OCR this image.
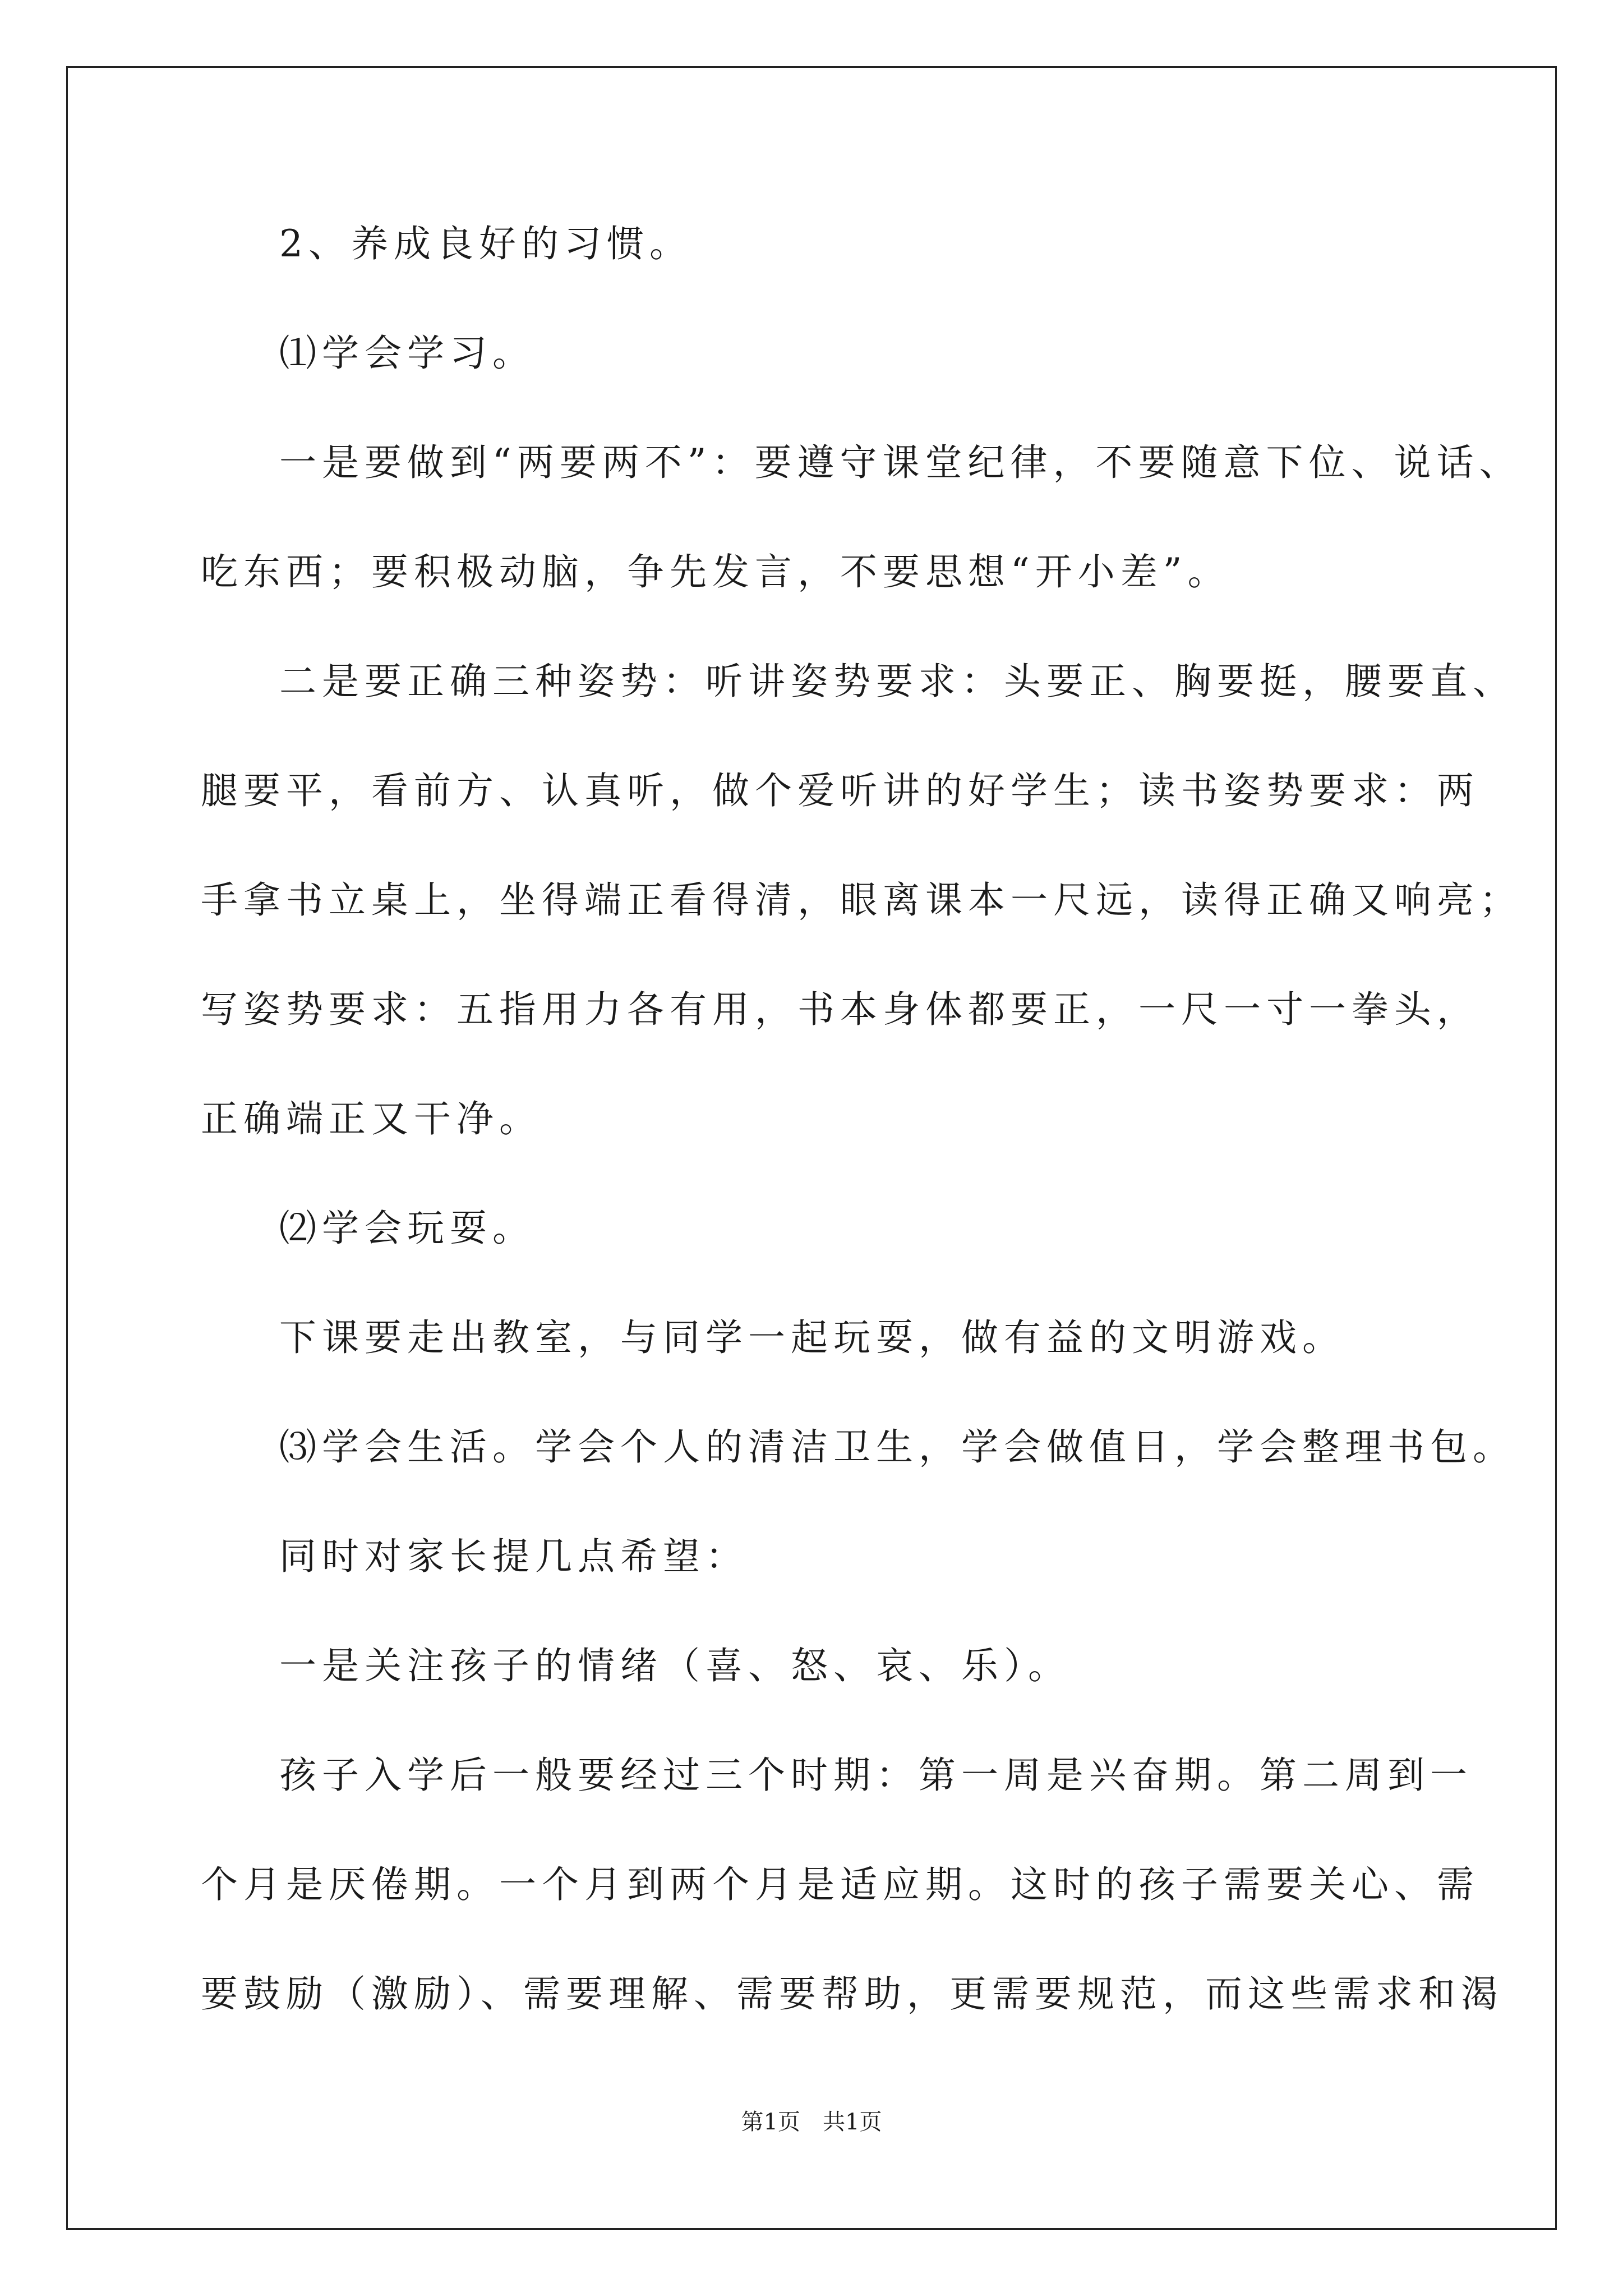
2、养成良好的习惯。
⑴学会学习。
一是要做到“两要两不”：要遵守课堂纪律，不要随意下位、说话、
吃东西；要积极动脑，争先发言，不要思想“开小差”。
二是要正确三种姿势：听讲姿势要求：头要正、胸要挺，腰要直、
腿要平，看前方、认真听，做个爱听讲的好学生；读书姿势要求：两
手拿书立桌上，坐得端正看得清，眼离课本一尺远，读得正确又响亮；
写姿势要求：五指用力各有用，书本身体都要正，一尺一寸一拳头，
正确端正又干净。
⑵学会玩耍。
下课要走出教室，与同学一起玩耍，做有益的文明游戏。
⑶学会生活。学会个人的清洁卫生，学会做值日，学会整理书包。
同时对家长提几点希望：
一是关注孩子的情绪（喜、怒、哀、乐）。
孩子入学后一般要经过三个时期：第一周是兴奋期。第二周到一
个月是厌倦期。一个月到两个月是适应期。这时的孩子需要关心、需
要鼓励（激励）、需要理解、需要帮助，更需要规范，而这些需求和渴
第1页　共1页
